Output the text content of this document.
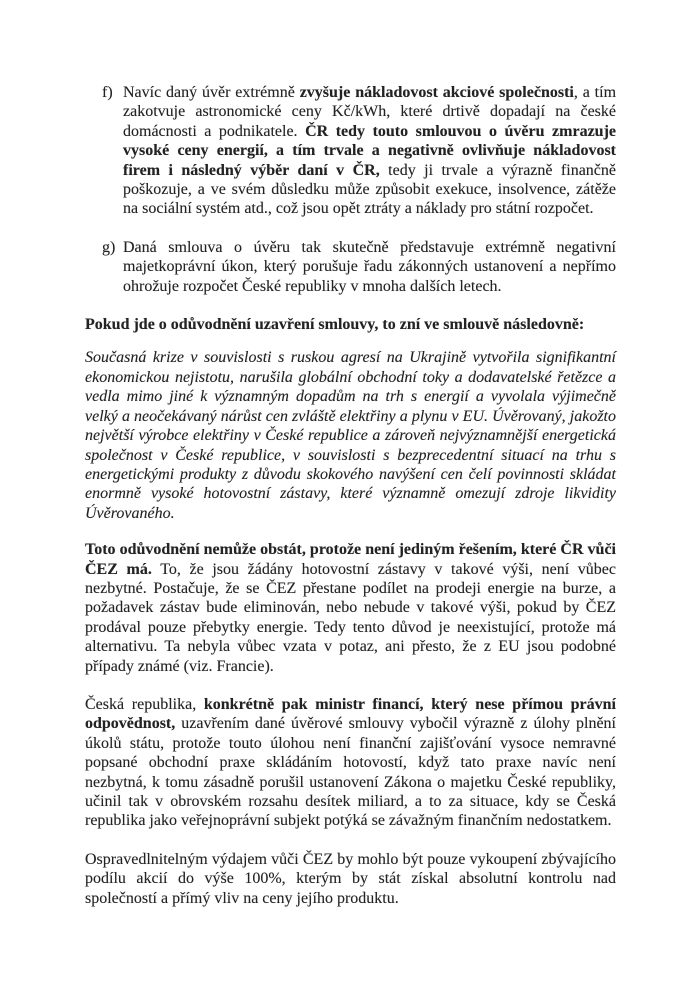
f) Navíc daný úvěr extrémně zvyšuje nákladovost akciové společnosti, a tím zakotvuje astronomické ceny Kč/kWh, které drtivě dopadají na české domácnosti a podnikatele. ČR tedy touto smlouvou o úvěru zmrazuje vysoké ceny energií, a tím trvale a negativně ovlivňuje nákladovost firem i následný výběr daní v ČR, tedy ji trvale a výrazně finančně poškozuje, a ve svém důsledku může způsobit exekuce, insolvence, zátěže na sociální systém atd., což jsou opět ztráty a náklady pro státní rozpočet.

g) Daná smlouva o úvěru tak skutečně představuje extrémně negativní majetkoprávní úkon, který porušuje řadu zákonných ustanovení a nepřímo ohrožuje rozpočet České republiky v mnoha dalších letech.

Pokud jde o odůvodnění uzavření smlouvy, to zní ve smlouvě následovně:

Současná krize v souvislosti s ruskou agresí na Ukrajině vytvořila signifikantní ekonomickou nejistotu, narušila globální obchodní toky a dodavatelské řetězce a vedla mimo jiné k významným dopadům na trh s energií a vyvolala výjimečně velký a neočekávaný nárůst cen zvláště elektřiny a plynu v EU. Úvěrovaný, jakožto největší výrobce elektřiny v České republice a zároveň nejvýznamnější energetická společnost v České republice, v souvislosti s bezprecedentní situací na trhu s energetickými produkty z důvodu skokového navýšení cen čelí povinnosti skládat enormně vysoké hotovostní zástavy, které významně omezují zdroje likvidity Úvěrovaného.

Toto odůvodnění nemůže obstát, protože není jediným řešením, které ČR vůči ČEZ má. To, že jsou žádány hotovostní zástavy v takové výši, není vůbec nezbytné. Postačuje, že se ČEZ přestane podílet na prodeji energie na burze, a požadavek zástav bude eliminován, nebo nebude v takové výši, pokud by ČEZ prodával pouze přebytky energie. Tedy tento důvod je neexistující, protože má alternativu. Ta nebyla vůbec vzata v potaz, ani přesto, že z EU jsou podobné případy známé (viz. Francie).

Česká republika, konkrétně pak ministr financí, který nese přímou právní odpovědnost, uzavřením dané úvěrové smlouvy vybočil výrazně z úlohy plnění úkolů státu, protože touto úlohou není finanční zajišťování vysoce nemravné popsané obchodní praxe skládáním hotovostí, když tato praxe navíc není nezbytná, k tomu zásadně porušil ustanovení Zákona o majetku České republiky, učinil tak v obrovském rozsahu desítek miliard, a to za situace, kdy se Česká republika jako veřejnoprávní subjekt potýká se závažným finančním nedostatkem.

Ospravedlnitelným výdajem vůči ČEZ by mohlo být pouze vykoupení zbývajícího podílu akcií do výše 100%, kterým by stát získal absolutní kontrolu nad společností a přímý vliv na ceny jejího produktu.
